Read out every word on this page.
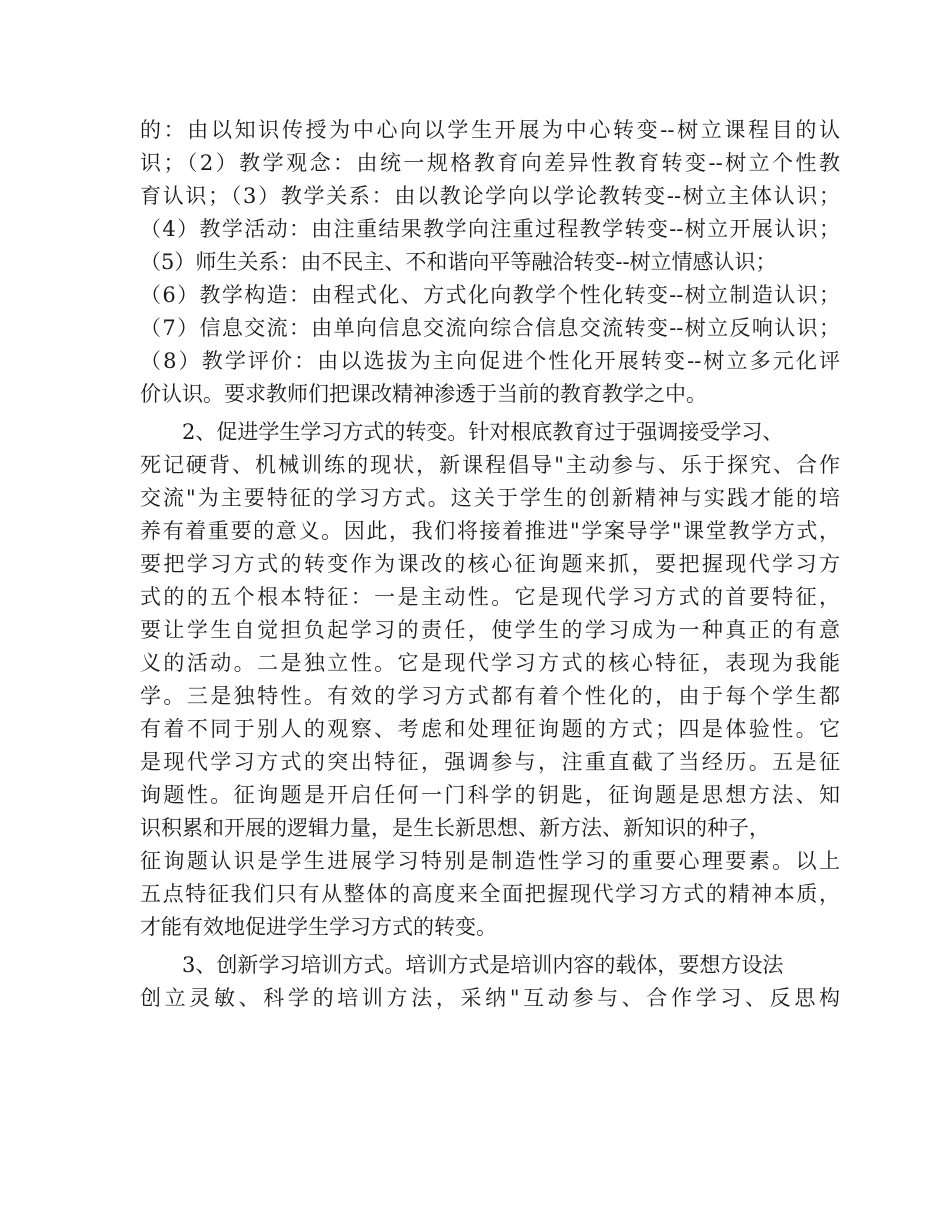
的：由以知识传授为中心向以学生开展为中心转变--树立课程目的认
识；（2）教学观念：由统一规格教育向差异性教育转变--树立个性教
育认识；（3）教学关系：由以教论学向以学论教转变--树立主体认识；
（4）教学活动：由注重结果教学向注重过程教学转变--树立开展认识；
（5）师生关系：由不民主、不和谐向平等融洽转变--树立情感认识；
（6）教学构造：由程式化、方式化向教学个性化转变--树立制造认识；
（7）信息交流：由单向信息交流向综合信息交流转变--树立反响认识；
（8）教学评价：由以选拔为主向促进个性化开展转变--树立多元化评
价认识。要求教师们把课改精神渗透于当前的教育教学之中。
2、促进学生学习方式的转变。针对根底教育过于强调接受学习、
死记硬背、机械训练的现状，新课程倡导"主动参与、乐于探究、合作
交流"为主要特征的学习方式。这关于学生的创新精神与实践才能的培
养有着重要的意义。因此，我们将接着推进"学案导学"课堂教学方式，
要把学习方式的转变作为课改的核心征询题来抓，要把握现代学习方
式的的五个根本特征：一是主动性。它是现代学习方式的首要特征，
要让学生自觉担负起学习的责任，使学生的学习成为一种真正的有意
义的活动。二是独立性。它是现代学习方式的核心特征，表现为我能
学。三是独特性。有效的学习方式都有着个性化的，由于每个学生都
有着不同于别人的观察、考虑和处理征询题的方式；四是体验性。它
是现代学习方式的突出特征，强调参与，注重直截了当经历。五是征
询题性。征询题是开启任何一门科学的钥匙，征询题是思想方法、知
识积累和开展的逻辑力量，是生长新思想、新方法、新知识的种子，
征询题认识是学生进展学习特别是制造性学习的重要心理要素。以上
五点特征我们只有从整体的高度来全面把握现代学习方式的精神本质，
才能有效地促进学生学习方式的转变。
3、创新学习培训方式。培训方式是培训内容的载体，要想方设法
创立灵敏、科学的培训方法，采纳"互动参与、合作学习、反思构
